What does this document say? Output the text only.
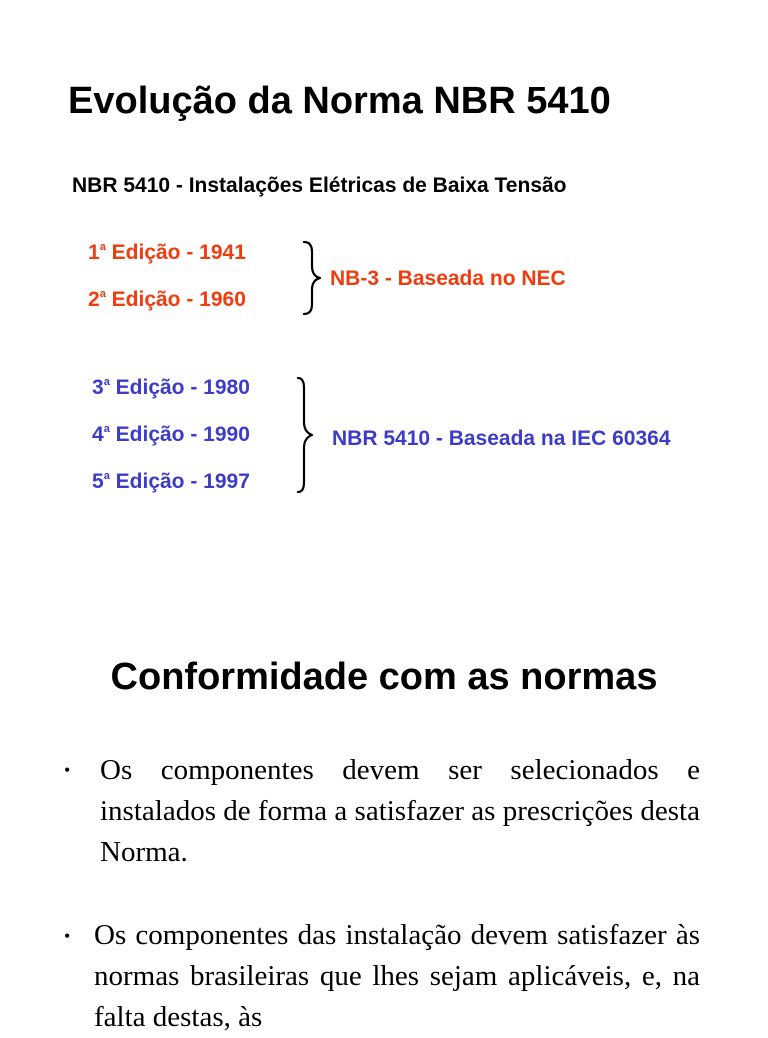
Evolução da Norma NBR 5410
NBR 5410 - Instalações Elétricas de Baixa Tensão
1$^a$ Edição - 1941
2$^a$ Edição - 1960
NB-3 - Baseada no NEC
3$^a$ Edição - 1980
4$^a$ Edição - 1990
5$^a$ Edição - 1997
NBR 5410 - Baseada na IEC 60364
Conformidade com as normas
• Os componentes devem ser selecionados e instalados de forma a satisfazer as prescrições desta Norma.
• Os componentes das instalação devem satisfazer às normas brasileiras que lhes sejam aplicáveis, e, na falta destas, às
